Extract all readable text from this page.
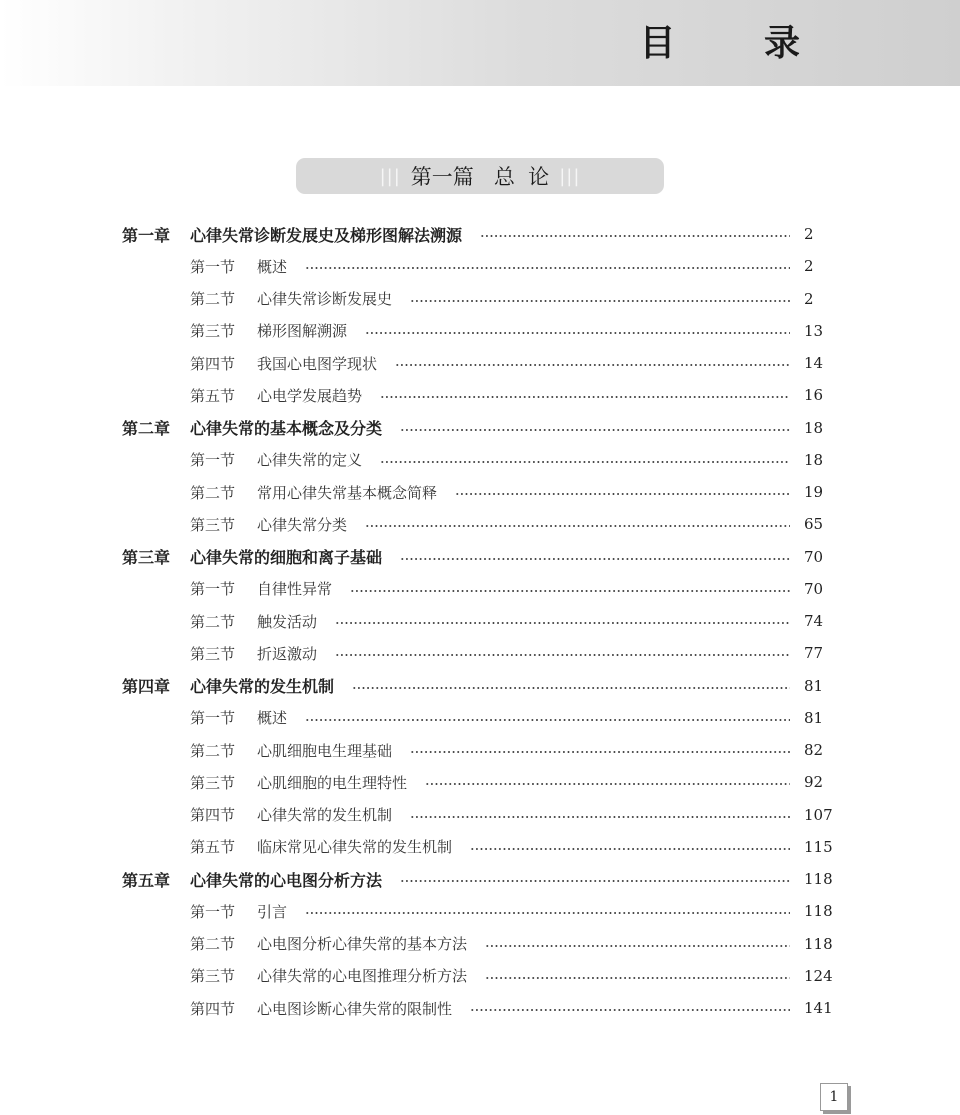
目 录
||| 第一篇   总  论 |||
第一章 心律失常诊断发展史及梯形图解法溯源	2
第一节 概述	2
第二节 心律失常诊断发展史	2
第三节 梯形图解溯源	13
第四节 我国心电图学现状	14
第五节 心电学发展趋势	16
第二章 心律失常的基本概念及分类	18
第一节 心律失常的定义	18
第二节 常用心律失常基本概念简释	19
第三节 心律失常分类	65
第三章 心律失常的细胞和离子基础	70
第一节 自律性异常	70
第二节 触发活动	74
第三节 折返激动	77
第四章 心律失常的发生机制	81
第一节 概述	81
第二节 心肌细胞电生理基础	82
第三节 心肌细胞的电生理特性	92
第四节 心律失常的发生机制	107
第五节 临床常见心律失常的发生机制	115
第五章 心律失常的心电图分析方法	118
第一节 引言	118
第二节 心电图分析心律失常的基本方法	118
第三节 心律失常的心电图推理分析方法	124
第四节 心电图诊断心律失常的限制性	141
1
